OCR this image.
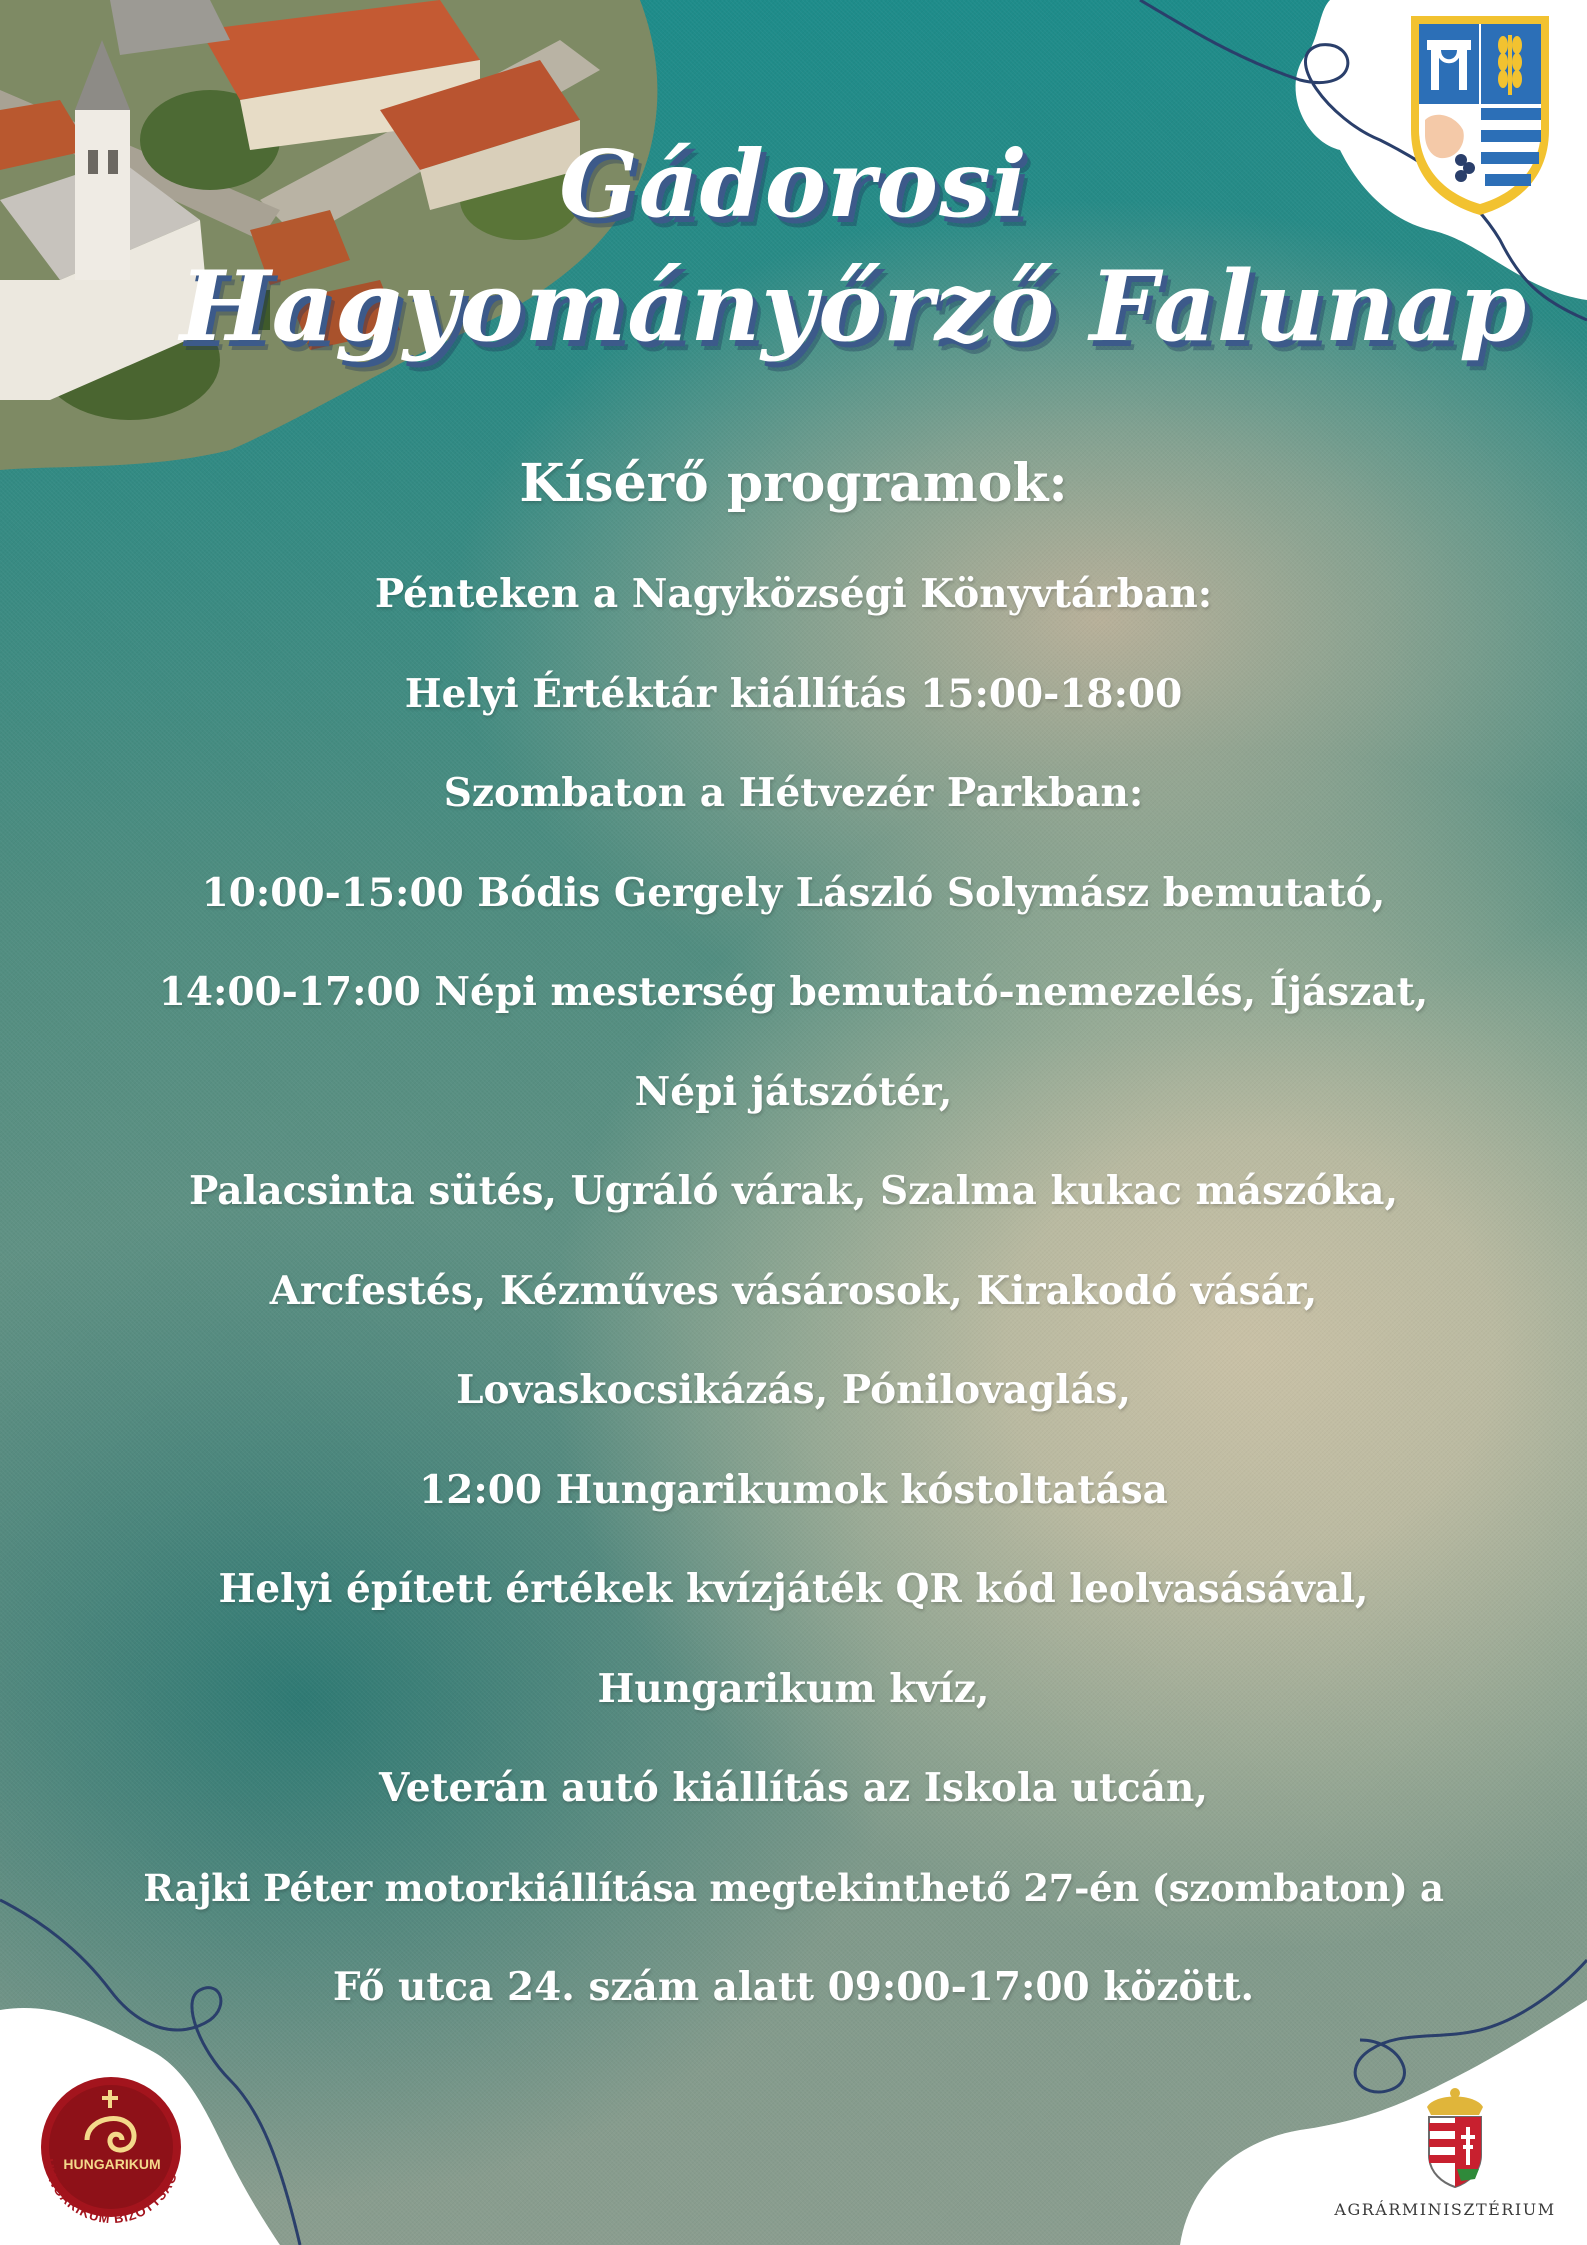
Gádorosi
Hagyományőrző Falunap
Kísérő programok:
Pénteken a Nagyközségi Könyvtárban:
Helyi Értéktár kiállítás 15:00-18:00
Szombaton a Hétvezér Parkban:
10:00-15:00 Bódis Gergely László Solymász bemutató,
14:00-17:00 Népi mesterség bemutató-nemezelés, Íjászat,
Népi játszótér,
Palacsinta sütés, Ugráló várak, Szalma kukac mászóka,
Arcfestés, Kézműves vásárosok, Kirakodó vásár,
Lovaskocsikázás, Pónilovaglás,
12:00 Hungarikumok kóstoltatása
Helyi épített értékek kvízjáték QR kód leolvasásával,
Hungarikum kvíz,
Veterán autó kiállítás az Iskola utcán,
Rajki Péter motorkiállítása megtekinthető 27-én (szombaton) a
Fő utca 24. szám alatt 09:00-17:00 között.
HUNGARIKUM BIZOTTSÁG
HUNGARIKUM
AGRÁRMINISZTÉRIUM
